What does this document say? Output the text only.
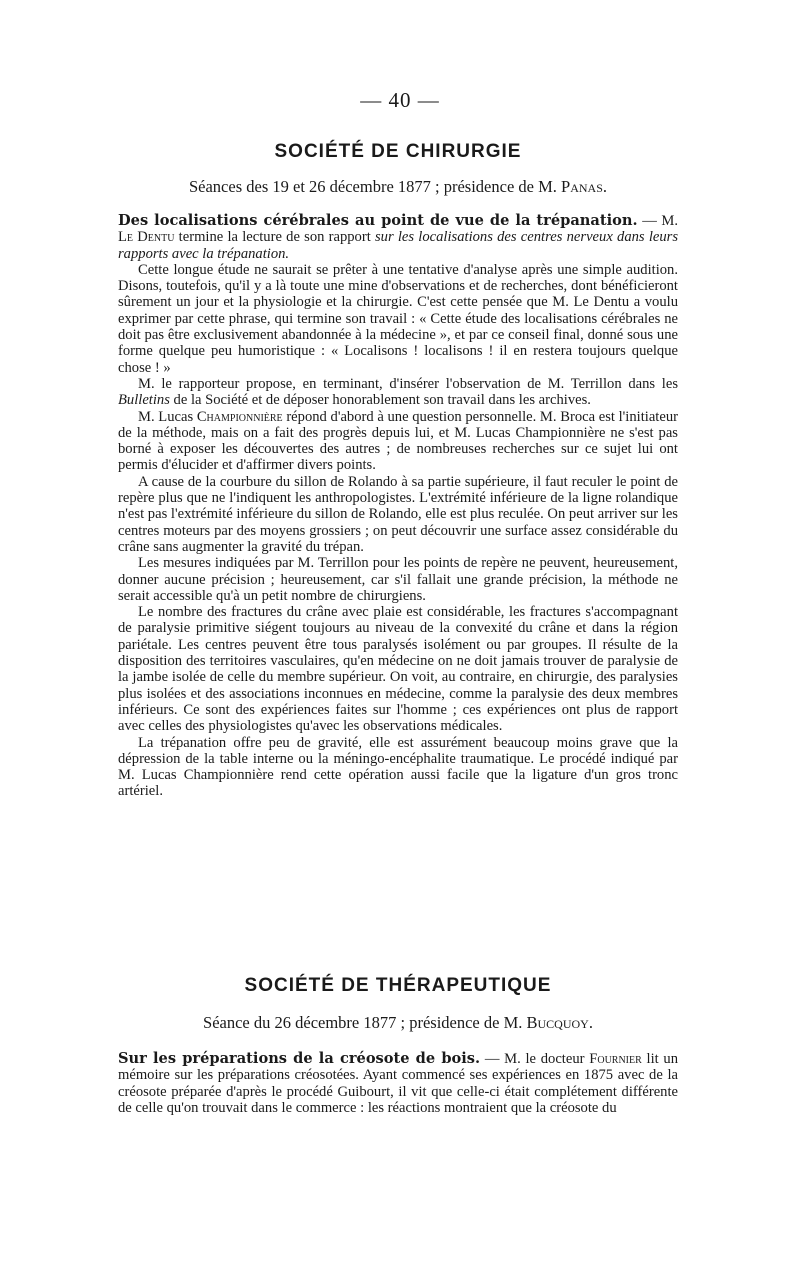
— 40 —
SOCIÉTÉ DE CHIRURGIE

Séances des 19 et 26 décembre 1877 ; présidence de M. Panas.

Des localisations cérébrales au point de vue de la trépanation. — M. Le Dentu termine la lecture de son rapport sur les localisations des centres nerveux dans leurs rapports avec la trépanation.

Cette longue étude ne saurait se prêter à une tentative d'analyse après une simple audition. Disons, toutefois, qu'il y a là toute une mine d'observations et de recherches, dont bénéficieront sûrement un jour et la physiologie et la chirurgie. C'est cette pensée que M. Le Dentu a voulu exprimer par cette phrase, qui termine son travail : « Cette étude des localisations cérébrales ne doit pas être exclusivement abandonnée à la médecine », et par ce conseil final, donné sous une forme quelque peu humoristique : « Localisons ! localisons ! il en restera toujours quelque chose ! »

M. le rapporteur propose, en terminant, d'insérer l'observation de M. Terrillon dans les Bulletins de la Société et de déposer honorablement son travail dans les archives.

M. Lucas Championnière répond d'abord à une question personnelle. M. Broca est l'initiateur de la méthode, mais on a fait des progrès depuis lui, et M. Lucas Championnière ne s'est pas borné à exposer les découvertes des autres ; de nombreuses recherches sur ce sujet lui ont permis d'élucider et d'affirmer divers points.

A cause de la courbure du sillon de Rolando à sa partie supérieure, il faut reculer le point de repère plus que ne l'indiquent les anthropologistes. L'extrémité inférieure de la ligne rolandique n'est pas l'extrémité inférieure du sillon de Rolando, elle est plus reculée. On peut arriver sur les centres moteurs par des moyens grossiers ; on peut découvrir une surface assez considérable du crâne sans augmenter la gravité du trépan.

Les mesures indiquées par M. Terrillon pour les points de repère ne peuvent, heureusement, donner aucune précision ; heureusement, car s'il fallait une grande précision, la méthode ne serait accessible qu'à un petit nombre de chirurgiens.

Le nombre des fractures du crâne avec plaie est considérable, les fractures s'accompagnant de paralysie primitive siégent toujours au niveau de la convexité du crâne et dans la région pariétale. Les centres peuvent être tous paralysés isolément ou par groupes. Il résulte de la disposition des territoires vasculaires, qu'en médecine on ne doit jamais trouver de paralysie de la jambe isolée de celle du membre supérieur. On voit, au contraire, en chirurgie, des paralysies plus isolées et des associations inconnues en médecine, comme la paralysie des deux membres inférieurs. Ce sont des expériences faites sur l'homme ; ces expériences ont plus de rapport avec celles des physiologistes qu'avec les observations médicales.

La trépanation offre peu de gravité, elle est assurément beaucoup moins grave que la dépression de la table interne ou la méningo-encéphalite traumatique. Le procédé indiqué par M. Lucas Championnière rend cette opération aussi facile que la ligature d'un gros tronc artériel.

SOCIÉTÉ DE THÉRAPEUTIQUE

Séance du 26 décembre 1877 ; présidence de M. Bucquoy.

Sur les préparations de la créosote de bois. — M. le docteur Fournier lit un mémoire sur les préparations créosotées. Ayant commencé ses expériences en 1875 avec de la créosote préparée d'après le procédé Guibourt, il vit que celle-ci était complétement différente de celle qu'on trouvait dans le commerce : les réactions montraient que la créosote du
